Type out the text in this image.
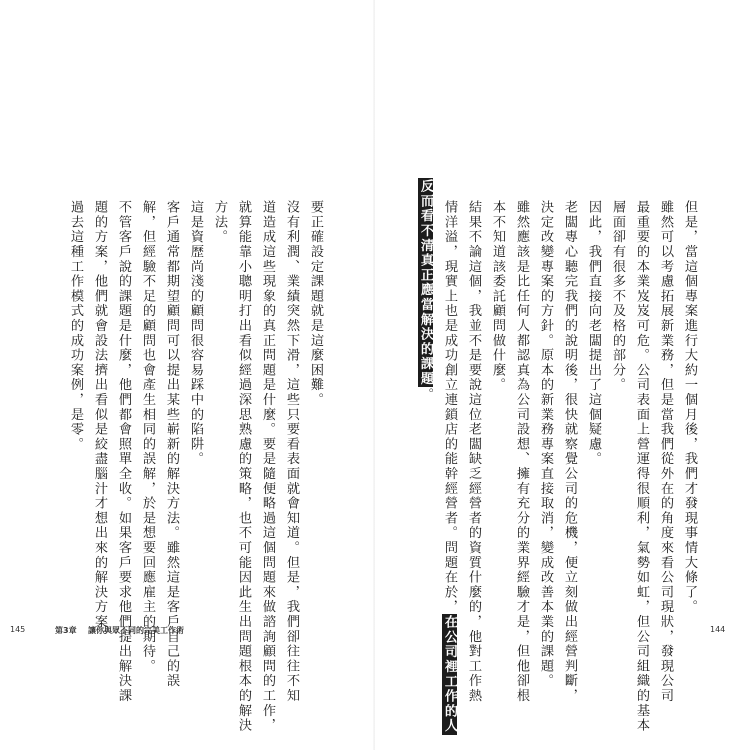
要正確設定課題就是這麼困難。
沒有利潤、業績突然下滑，這些只要看表面就會知道。但是，我們卻往往不知
道造成這些現象的真正問題是什麼。要是隨便略過這個問題來做諮詢顧問的工作，
就算能靠小聰明打出看似經過深思熟慮的策略，也不可能因此生出問題根本的解決
方法。
這是資歷尚淺的顧問很容易踩中的陷阱。
客戶通常都期望顧問可以提出某些嶄新的解決方法。雖然這是客戶自己的誤
解，但經驗不足的顧問也會產生相同的誤解，於是想要回應雇主的期待。
不管客戶說的課題是什麼，他們都會照單全收。如果客戶要求他們提出解決課
題的方案，他們就會設法擠出看似是絞盡腦汁才想出來的解決方案。
過去這種工作模式的成功案例，是零。
145	第3章 讓你與眾不同的完美工作術
但是，當這個專案進行大約一個月後，我們才發現事情大條了。
雖然可以考慮拓展新業務，但是當我們從外在的角度來看公司現狀，發現公司
最重要的本業岌岌可危。公司表面上營運得很順利，氣勢如虹，但公司組織的基本
層面卻有很多不及格的部分。
因此，我們直接向老闆提出了這個疑慮。
老闆專心聽完我們的說明後，很快就察覺公司的危機，便立刻做出經營判斷，
決定改變專案的方針。原本的新業務專案直接取消，變成改善本業的課題。
雖然應該是比任何人都認真為公司設想、擁有充分的業界經驗才是，但他卻根
本不知道該委託顧問做什麼。
結果不論這個，我並不是要說這位老闆缺乏經營者的資質什麼的，他對工作熱
情洋溢，現實上也是成功創立連鎖店的能幹經營者。問題在於，在公司裡工作的人
反而看不清真正應當解決的課題。
144
